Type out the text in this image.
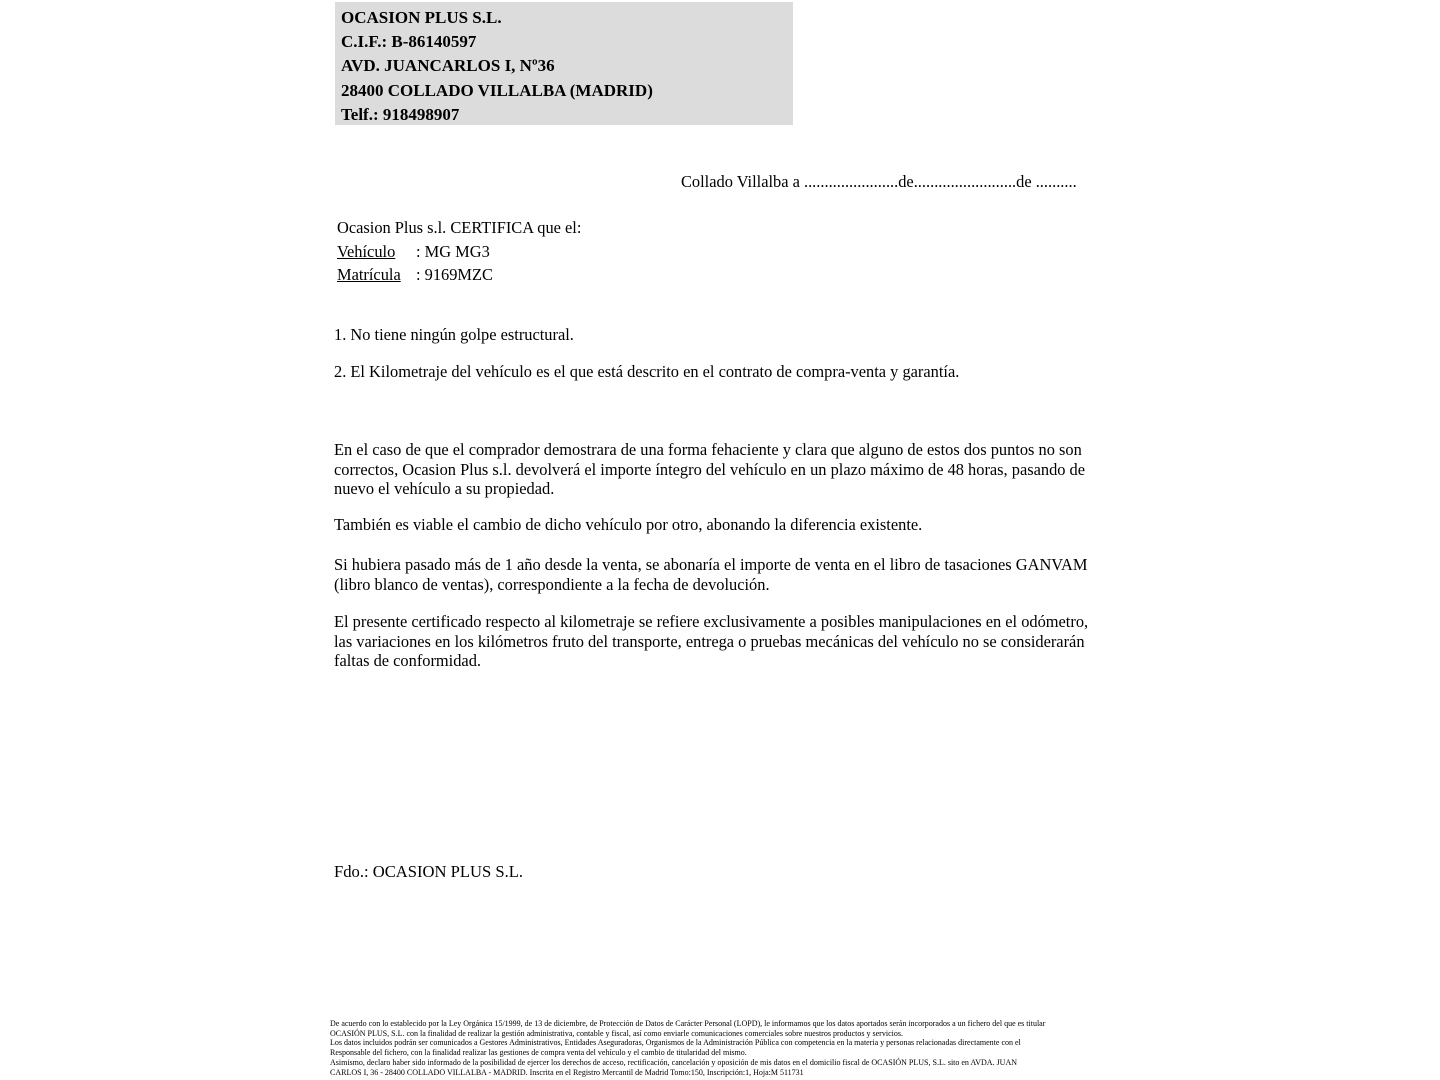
OCASION PLUS S.L.
C.I.F.: B-86140597
AVD. JUANCARLOS I, Nº36
28400 COLLADO VILLALBA (MADRID)
Telf.: 918498907
Collado Villalba a .......................de.........................de ..........
Ocasion Plus s.l. CERTIFICA que el:
Vehículo : MG MG3
Matrícula : 9169MZC
1. No tiene ningún golpe estructural.
2. El Kilometraje del vehículo es el que está descrito en el contrato de compra-venta y garantía.
En el caso de que el comprador demostrara de una forma fehaciente y clara que alguno de estos dos puntos no son correctos, Ocasion Plus s.l. devolverá el importe íntegro del vehículo en un plazo máximo de 48 horas, pasando de nuevo el vehículo a su propiedad.
También es viable el cambio de dicho vehículo por otro, abonando la diferencia existente.
Si hubiera pasado más de 1 año desde la venta, se abonaría el importe de venta en el libro de tasaciones GANVAM (libro blanco de ventas), correspondiente a la fecha de devolución.
El presente certificado respecto al kilometraje se refiere exclusivamente a posibles manipulaciones en el odómetro, las variaciones en los kilómetros fruto del transporte, entrega o pruebas mecánicas del vehículo no se considerarán faltas de conformidad.
Fdo.: OCASION PLUS S.L.
De acuerdo con lo establecido por la Ley Orgánica 15/1999, de 13 de diciembre, de Protección de Datos de Carácter Personal (LOPD), le informamos que los datos aportados serán incorporados a un fichero del que es titular
OCASIÓN PLUS, S.L. con la finalidad de realizar la gestión administrativa, contable y fiscal, así como enviarle comunicaciones comerciales sobre nuestros productos y servicios.
Los datos incluidos podrán ser comunicados a Gestores Administrativos, Entidades Aseguradoras, Organismos de la Administración Pública con competencia en la materia y personas relacionadas directamente con el
Responsable del fichero, con la finalidad realizar las gestiones de compra venta del vehículo y el cambio de titularidad del mismo.
Asimismo, declaro haber sido informado de la posibilidad de ejercer los derechos de acceso, rectificación, cancelación y oposición de mis datos en el domicilio fiscal de OCASIÓN PLUS, S.L. sito en AVDA. JUAN
CARLOS I, 36 - 28400 COLLADO VILLALBA - MADRID. Inscrita en el Registro Mercantil de Madrid Tomo:150, Inscripción:1, Hoja:M 511731
